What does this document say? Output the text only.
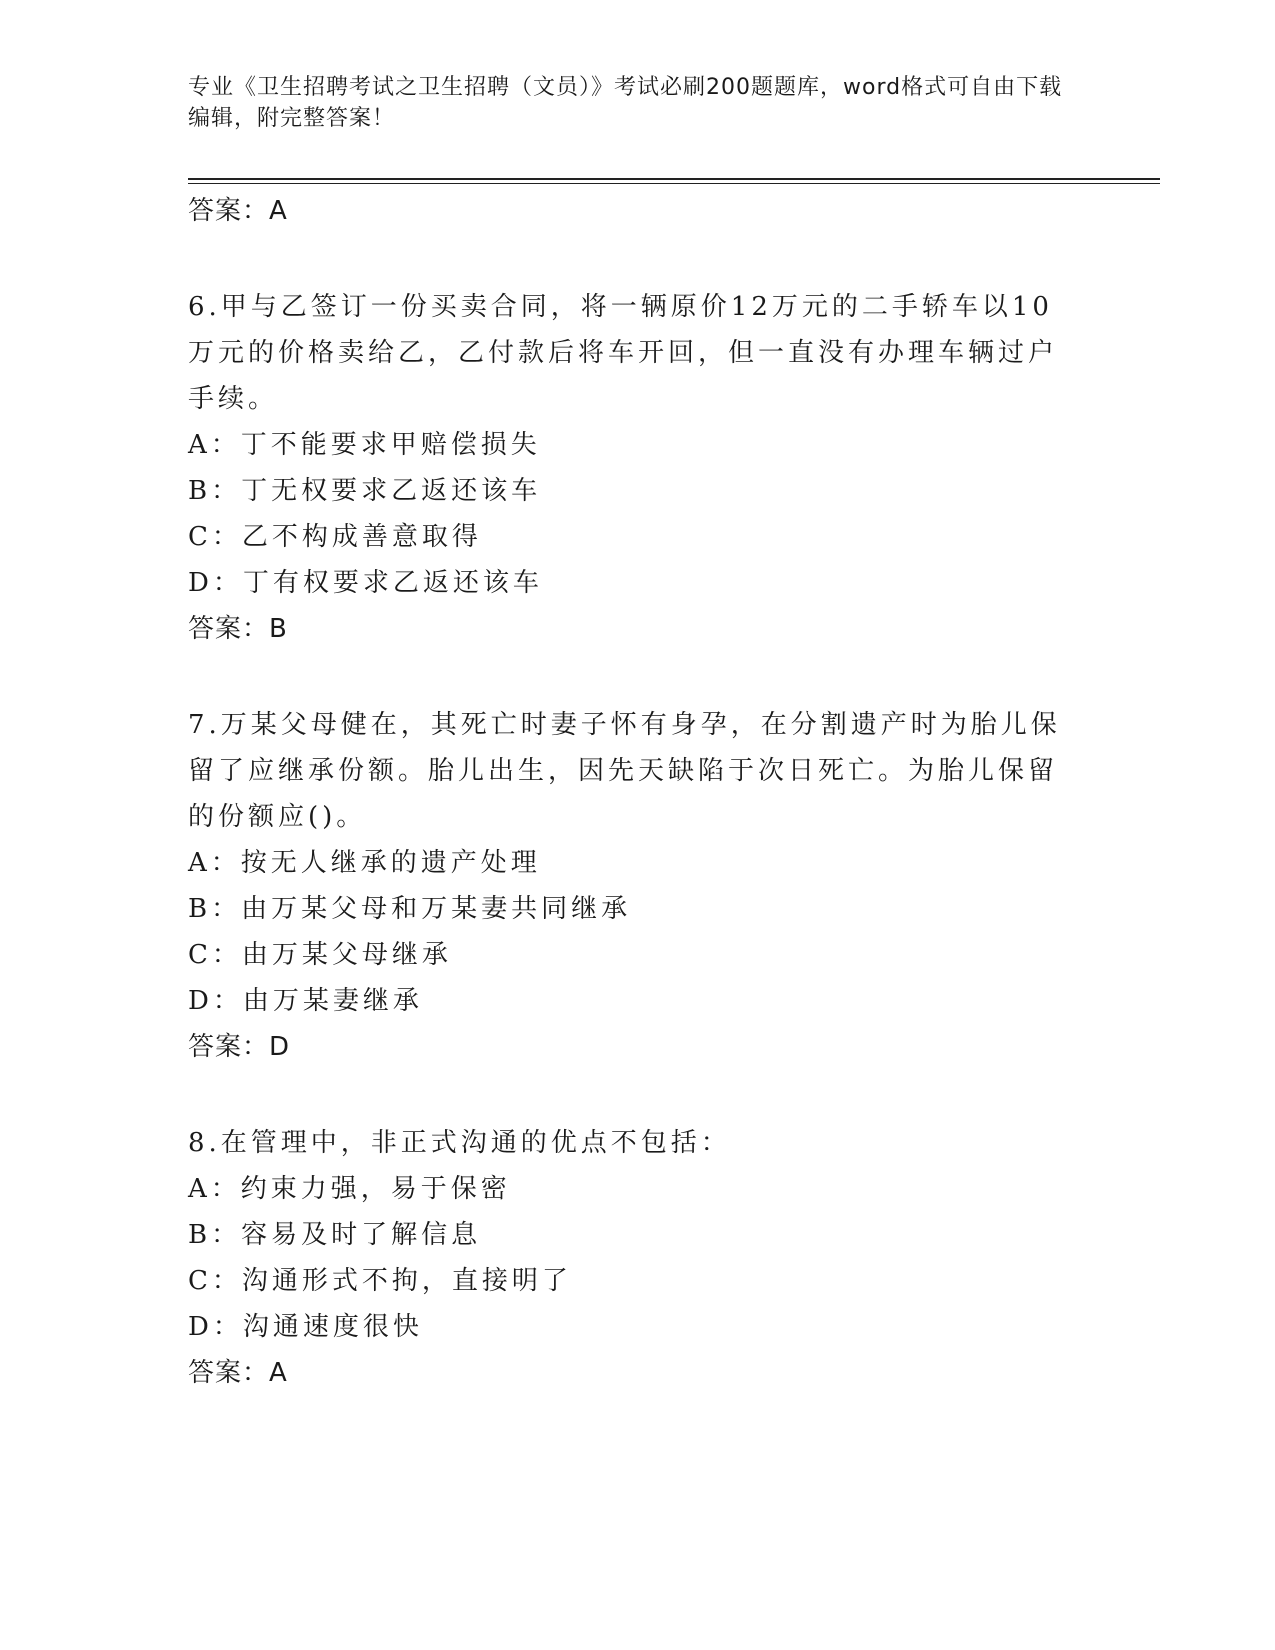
专业《卫生招聘考试之卫生招聘（文员）》考试必刷200题题库，word格式可自由下载编辑，附完整答案！
答案：A
6.甲与乙签订一份买卖合同，将一辆原价12万元的二手轿车以10万元的价格卖给乙，乙付款后将车开回，但一直没有办理车辆过户手续。
A：丁不能要求甲赔偿损失
B：丁无权要求乙返还该车
C：乙不构成善意取得
D：丁有权要求乙返还该车
答案：B
7.万某父母健在，其死亡时妻子怀有身孕，在分割遗产时为胎儿保留了应继承份额。胎儿出生，因先天缺陷于次日死亡。为胎儿保留的份额应()。
A：按无人继承的遗产处理
B：由万某父母和万某妻共同继承
C：由万某父母继承
D：由万某妻继承
答案：D
8.在管理中，非正式沟通的优点不包括：
A：约束力强，易于保密
B：容易及时了解信息
C：沟通形式不拘，直接明了
D：沟通速度很快
答案：A
